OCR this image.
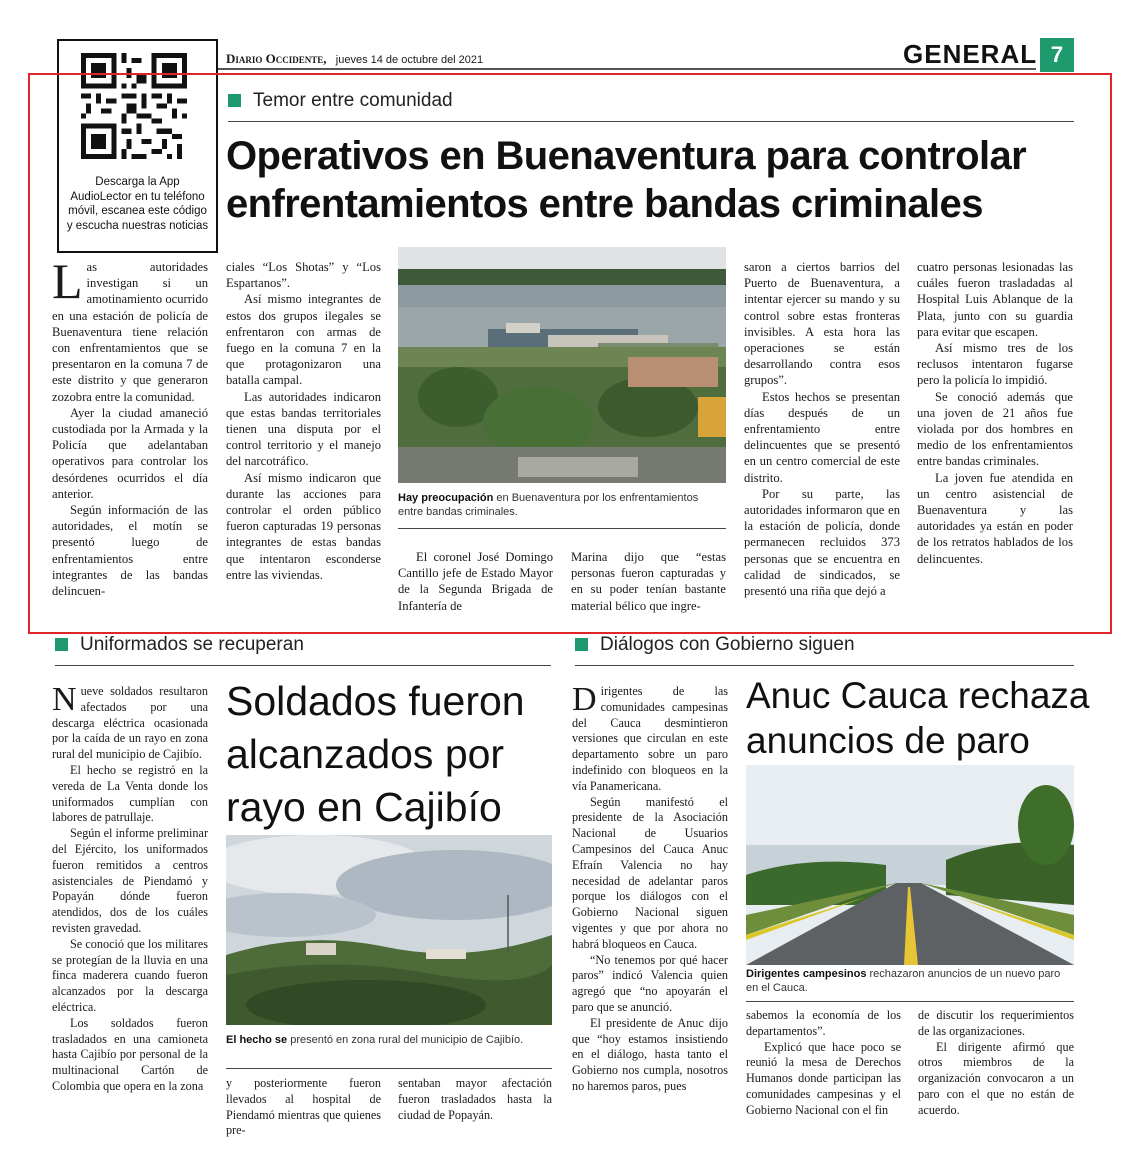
Descarga la App AudioLector en tu teléfono móvil, escanea este código y escucha nuestras noticias
Diario Occidente, jueves 14 de octubre del 2021	GENERAL 7
Temor entre comunidad
Operativos en Buenaventura para controlar
enfrentamientos entre bandas criminales

Las autoridades investigan si un amotinamiento ocurrido en una estación de policía de Buenaventura tiene relación con enfrentamientos que se presentaron en la comuna 7 de este distrito y que generaron zozobra entre la comunidad.

Ayer la ciudad amaneció custodiada por la Armada y la Policía que adelantaban operativos para controlar los desórdenes ocurridos el día anterior.

Según información de las autoridades, el motín se presentó luego de enfrentamientos entre integrantes de las bandas delincuen-

ciales “Los Shotas” y “Los Espartanos”.

Así mismo integrantes de estos dos grupos ilegales se enfrentaron con armas de fuego en la comuna 7 en la que protagonizaron una batalla campal.

Las autoridades indicaron que estas bandas territoriales tienen una disputa por el control territorio y el manejo del narcotráfico.

Así mismo indicaron que durante las acciones para controlar el orden público fueron capturadas 19 personas integrantes de estas bandas que intentaron esconderse entre las viviendas.

Hay preocupación en Buenaventura por los enfrentamientos entre bandas criminales.

El coronel José Domingo Cantillo jefe de Estado Mayor de la Segunda Brigada de Infantería de

Marina dijo que “estas personas fueron capturadas y en su poder tenían bastante material bélico que ingre-

saron a ciertos barrios del Puerto de Buenaventura, a intentar ejercer su mando y su control sobre estas fronteras invisibles. A esta hora las operaciones se están desarrollando contra esos grupos”.

Estos hechos se presentan días después de un enfrentamiento entre delincuentes que se presentó en un centro comercial de este distrito.

Por su parte, las autoridades informaron que en la estación de policía, donde permanecen recluidos 373 personas que se encuentra en calidad de sindicados, se presentó una riña que dejó a

cuatro personas lesionadas las cuáles fueron trasladadas al Hospital Luis Ablanque de la Plata, junto con su guardia para evitar que escapen.

Así mismo tres de los reclusos intentaron fugarse pero la policía lo impidió.

Se conoció además que una joven de 21 años fue violada por dos hombres en medio de los enfrentamientos entre bandas criminales.

La joven fue atendida en un centro asistencial de Buenaventura y las autoridades ya están en poder de los retratos hablados de los delincuentes.

Uniformados se recuperan

Nueve soldados resultaron afectados por una descarga eléctrica ocasionada por la caída de un rayo en zona rural del municipio de Cajibío.

El hecho se registró en la vereda de La Venta donde los uniformados cumplían con labores de patrullaje.

Según el informe preliminar del Ejército, los uniformados fueron remitidos a centros asistenciales de Piendamó y Popayán dónde fueron atendidos, dos de los cuáles revisten gravedad.

Se conoció que los militares se protegían de la lluvia en una finca maderera cuando fueron alcanzados por la descarga eléctrica.

Los soldados fueron trasladados en una camioneta hasta Cajibío por personal de la multinacional Cartón de Colombia que opera en la zona

Soldados fueron
alcanzados por
rayo en Cajibío
El hecho se presentó en zona rural del municipio de Cajibío.

y posteriormente fueron llevados al hospital de Piendamó mientras que quienes pre-

sentaban mayor afectación fueron trasladados hasta la ciudad de Popayán.

Diálogos con Gobierno siguen

Dirigentes de las comunidades campesinas del Cauca desmintieron versiones que circulan en este departamento sobre un paro indefinido con bloqueos en la vía Panamericana.

Según manifestó el presidente de la Asociación Nacional de Usuarios Campesinos del Cauca Anuc Efraín Valencia no hay necesidad de adelantar paros porque los diálogos con el Gobierno Nacional siguen vigentes y que por ahora no habrá bloqueos en Cauca.

“No tenemos por qué hacer paros” indicó Valencia quien agregó que “no apoyarán el paro que se anunció.

El presidente de Anuc dijo que “hoy estamos insistiendo en el diálogo, hasta tanto el Gobierno nos cumpla, nosotros no haremos paros, pues

Anuc Cauca rechaza
anuncios de paro
Dirigentes campesinos rechazaron anuncios de un nuevo paro en el Cauca.

sabemos la economía de los departamentos”.

Explicó que hace poco se reunió la mesa de Derechos Humanos donde participan las comunidades campesinas y el Gobierno Nacional con el fin

de discutir los requerimientos de las organizaciones.

El dirigente afirmó que otros miembros de la organización convocaron a un paro con el que no están de acuerdo.
